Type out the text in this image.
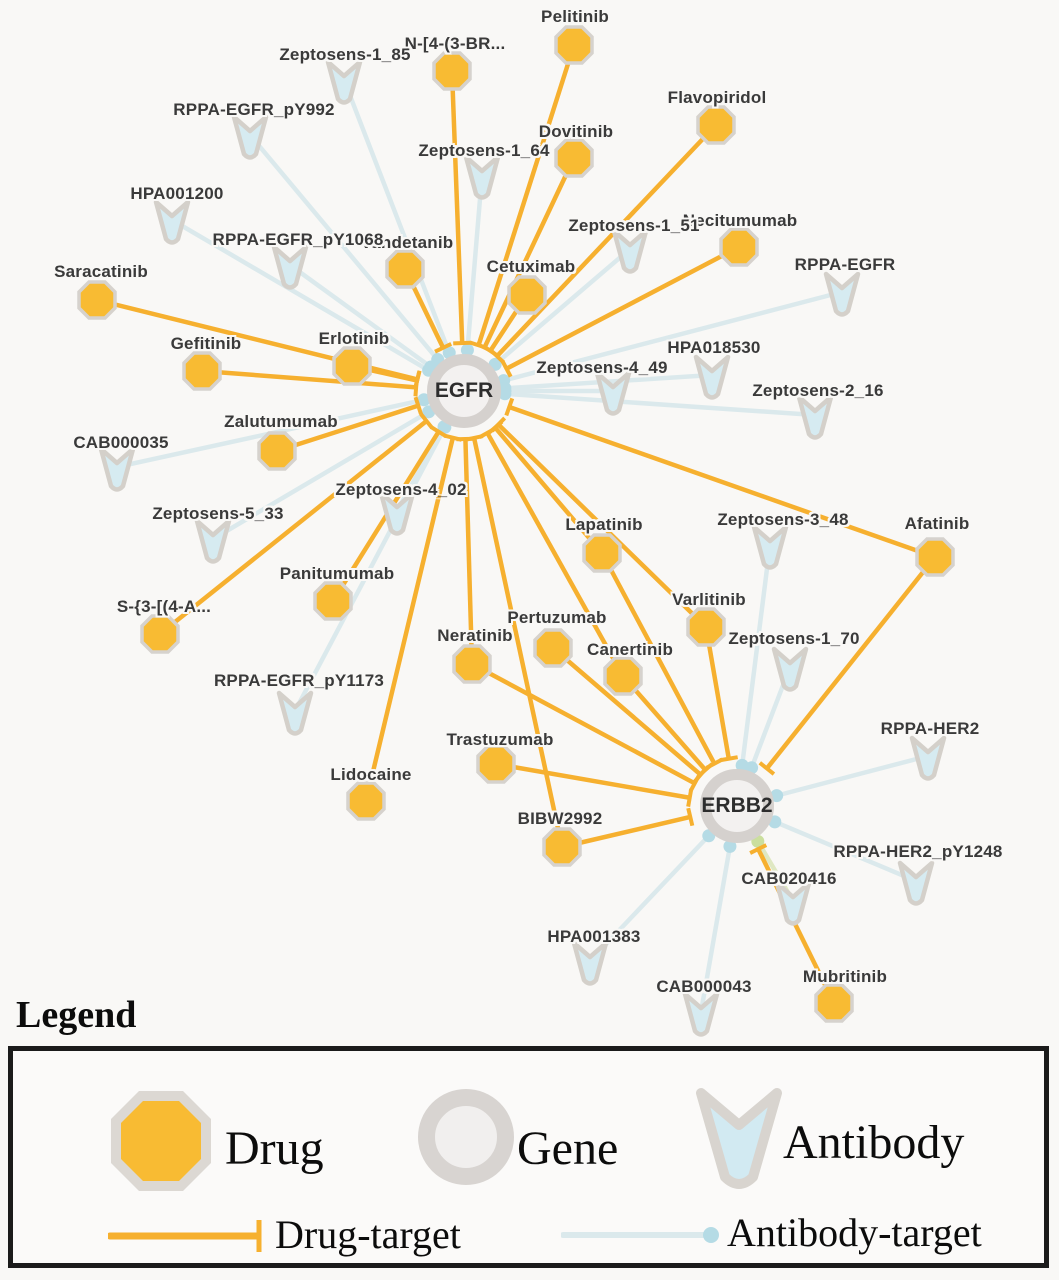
EGFR
ERBB2
Pelitinib
N-[4-(3-BR...
Dovitinib
Flavopiridol
Necitumumab
Vandetanib
Cetuximab
Saracatinib
Gefitinib	Erlotinib
Zalutumumab
Panitumumab
S-{3-[(4-A...
Lapatinib	Afatinib
Varlitinib
Neratinib
Pertuzumab
Canertinib
Trastuzumab
Lidocaine
BIBW2992
Mubritinib
Zeptosens-1_85
RPPA-EGFR_pY992
Zeptosens-1_64
HPA001200
RPPA-EGFR_pY1068
Zeptosens-1_51
RPPA-EGFR
HPA018530
Zeptosens-4_49
Zeptosens-2_16
CAB000035
Zeptosens-5_33
Zeptosens-4_02
Zeptosens-3_48
RPPA-EGFR_pY1173
Zeptosens-1_70
RPPA-HER2
RPPA-HER2_pY1248
CAB020416
HPA001383
CAB000043
Legend
Drug	Gene	Antibody
Drug-target	Antibody-target
